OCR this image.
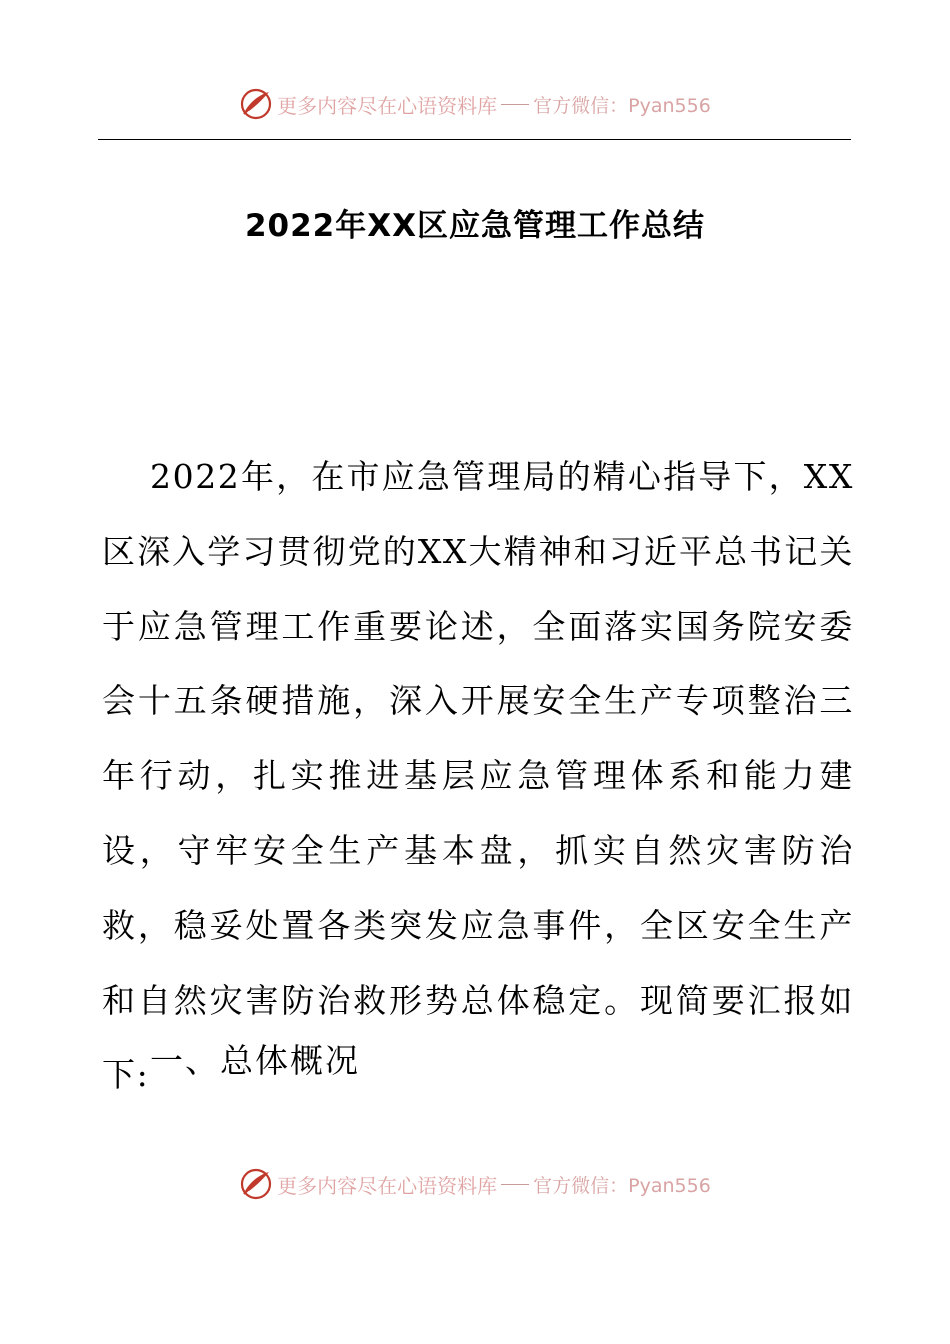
更多内容尽在心语资料库 官方微信：Pyan556
2022年XX区应急管理工作总结
2022年，在市应急管理局的精心指导下，XX区深入学习贯彻党的XX大精神和习近平总书记关于应急管理工作重要论述，全面落实国务院安委会十五条硬措施，深入开展安全生产专项整治三年行动，扎实推进基层应急管理体系和能力建设，守牢安全生产基本盘，抓实自然灾害防治救，稳妥处置各类突发应急事件，全区安全生产和自然灾害防治救形势总体稳定。现简要汇报如下: 一、总体概况
更多内容尽在心语资料库 官方微信：Pyan556
